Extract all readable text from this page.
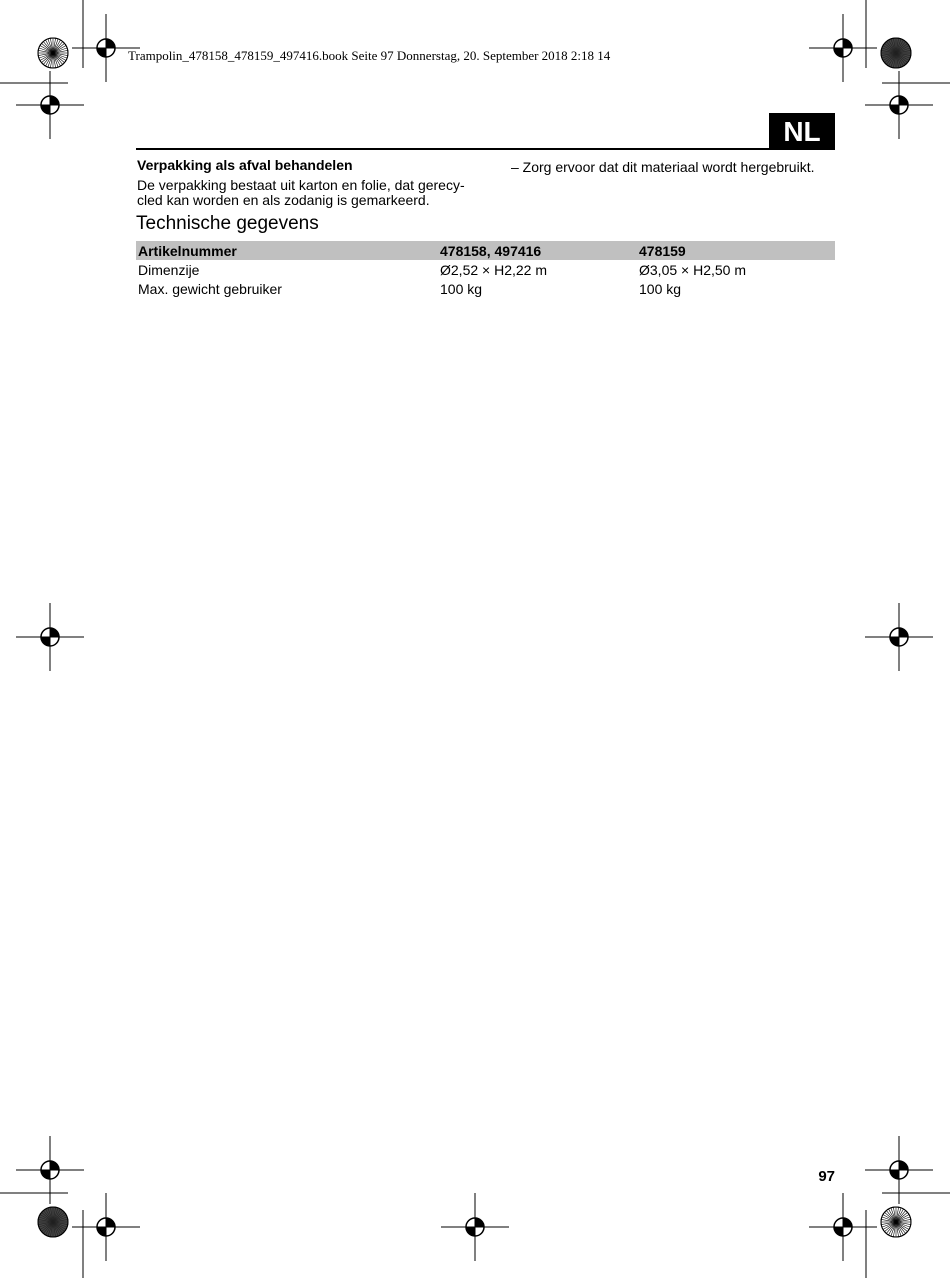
Trampolin_478158_478159_497416.book Seite 97 Donnerstag, 20. September 2018 2:18 14
NL
Verpakking als afval behandelen

De verpakking bestaat uit karton en folie, dat gerecy-

cled kan worden en als zodanig is gemarkeerd.

– Zorg ervoor dat dit materiaal wordt hergebruikt.
Technische gegevens
Artikelnummer	478158, 497416	478159
Dimenzije	Ø2,52 × H2,22 m	Ø3,05 × H2,50 m
Max. gewicht gebruiker	100 kg	100 kg
97
